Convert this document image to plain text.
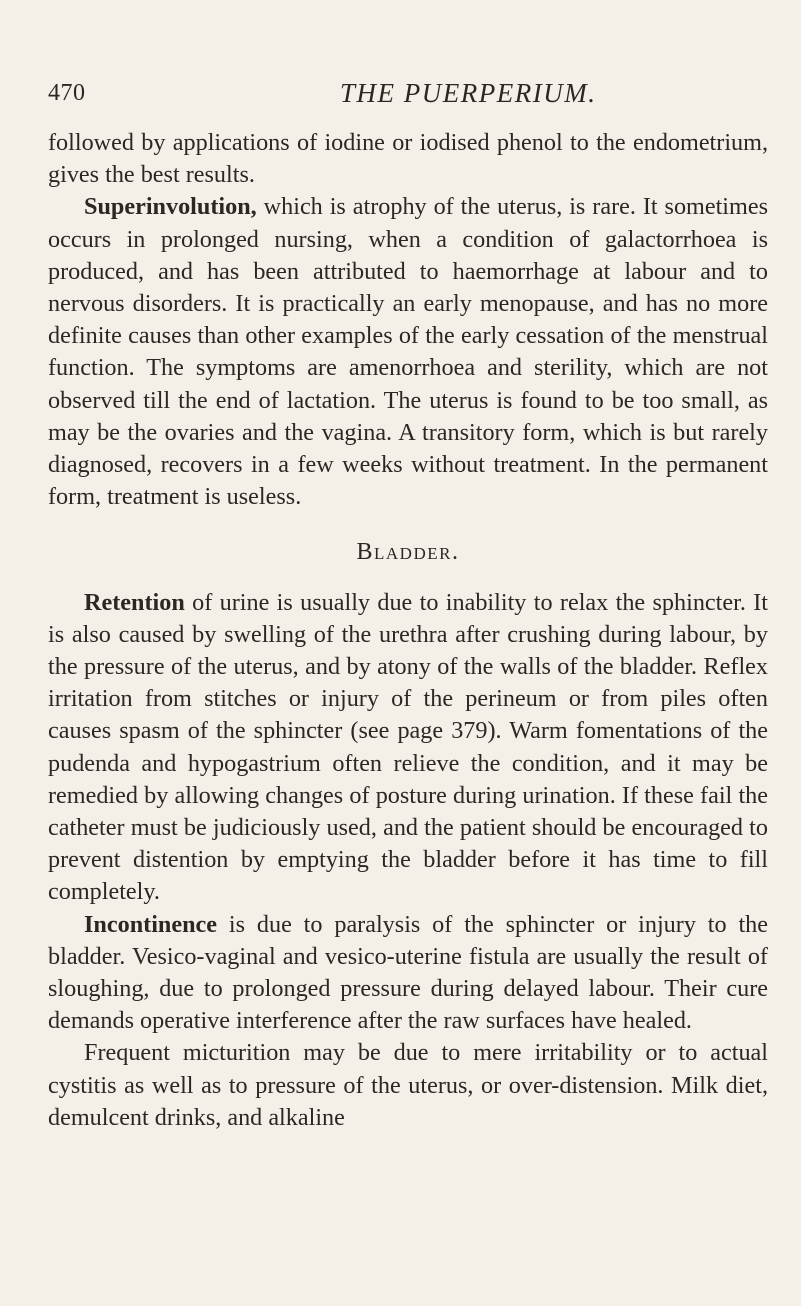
470	THE PUERPERIUM.

followed by applications of iodine or iodised phenol to the endometrium, gives the best results.

Superinvolution, which is atrophy of the uterus, is rare. It sometimes occurs in prolonged nursing, when a condition of galactorrhoea is produced, and has been attributed to haemorrhage at labour and to nervous disorders. It is practically an early menopause, and has no more definite causes than other examples of the early cessation of the menstrual function. The symptoms are amenorrhoea and sterility, which are not observed till the end of lactation. The uterus is found to be too small, as may be the ovaries and the vagina. A transitory form, which is but rarely diagnosed, recovers in a few weeks without treatment. In the permanent form, treatment is useless.

Bladder.

Retention of urine is usually due to inability to relax the sphincter. It is also caused by swelling of the urethra after crushing during labour, by the pressure of the uterus, and by atony of the walls of the bladder. Reflex irritation from stitches or injury of the perineum or from piles often causes spasm of the sphincter (see page 379). Warm fomentations of the pudenda and hypogastrium often relieve the condition, and it may be remedied by allowing changes of posture during urination. If these fail the catheter must be judiciously used, and the patient should be encouraged to prevent distention by emptying the bladder before it has time to fill completely.

Incontinence is due to paralysis of the sphincter or injury to the bladder. Vesico-vaginal and vesico-uterine fistula are usually the result of sloughing, due to prolonged pressure during delayed labour. Their cure demands operative interference after the raw surfaces have healed.

Frequent micturition may be due to mere irritability or to actual cystitis as well as to pressure of the uterus, or over-distension. Milk diet, demulcent drinks, and alkaline
